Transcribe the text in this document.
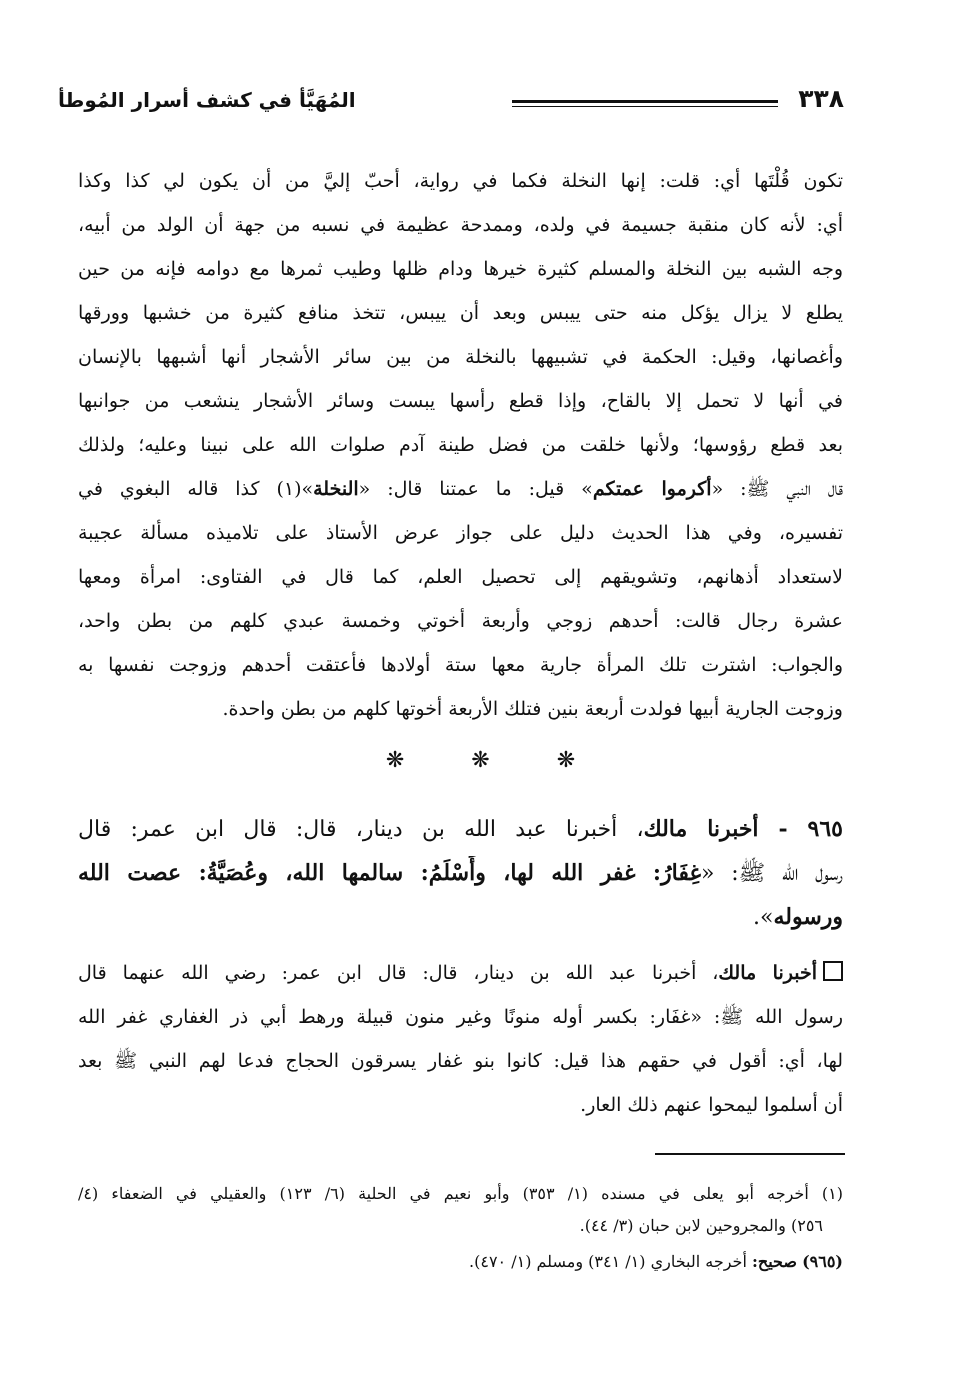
٣٣٨
المُهَيَّأ في كشف أسرار المُوطأ
تكون قُلْتَها أي: قلت: إنها النخلة فكما في رواية، أحبّ إليَّ من أن يكون لي كذا وكذا
أي: لأنه كان منقبة جسيمة في ولده، وممدحة عظيمة في نسبه من جهة أن الولد من أبيه،
وجه الشبه بين النخلة والمسلم كثيرة خيرها ودام ظلها وطيب ثمرها مع دوامه فإنه من حين
يطلع لا يزال يؤكل منه حتى ييبس وبعد أن ييبس، تتخذ منافع كثيرة من خشبها وورقها
وأغصانها، وقيل: الحكمة في تشبيهها بالنخلة من بين سائر الأشجار أنها أشبهها بالإنسان
في أنها لا تحمل إلا بالقاح، وإذا قطع رأسها يبست وسائر الأشجار ينشعب من جوانبها
بعد قطع رؤوسها؛ ولأنها خلقت من فضل طينة آدم صلوات الله على نبينا وعليه؛ ولذلك
قال النبي ﷺ: «أكرموا عمتكم» قيل: ما عمتنا قال: «النخلة»(١) كذا قاله البغوي في
تفسيره، وفي هذا الحديث دليل على جواز عرض الأستاذ على تلاميذه مسألة عجيبة
لاستعداد أذهانهم، وتشويقهم إلى تحصيل العلم، كما قال في الفتاوى: امرأة ومعها
عشرة رجال قالت: أحدهم زوجي وأربعة أخوتي وخمسة عبدي كلهم من بطن واحد،
والجواب: اشترت تلك المرأة جارية معها ستة أولادها فأعتقت أحدهم وزوجت نفسها به
وزوجت الجارية أبيها فولدت أربعة بنين فتلك الأربعة أخوتها كلهم من بطن واحدة.
❋	❋	❋
٩٦٥ - أخبرنا مالك، أخبرنا عبد الله بن دينار، قال: قال ابن عمر: قال
رسول الله ﷺ: «غِفَارُ: غفر الله لها، وأَسْلَمُ: سالمها الله، وعُصَيَّةُ: عصت الله
ورسوله».
أخبرنا مالك، أخبرنا عبد الله بن دينار، قال: قال ابن عمر: رضي الله عنهما قال
رسول الله ﷺ: «غفَار: بكسر أوله منونًا وغير منون قبيلة ورهط أبي ذر الغفاري غفر الله
لها، أي: أقول في حقهم هذا قيل: كانوا بنو غفار يسرقون الحجاج فدعا لهم النبي ﷺ بعد
أن أسلموا ليمحوا عنهم ذلك العار.
(١) أخرجه أبو يعلى في مسنده (١/ ٣٥٣) وأبو نعيم في الحلية (٦/ ١٢٣) والعقيلي في الضعفاء (٤/
٢٥٦) والمجروحين لابن حبان (٣/ ٤٤).
(٩٦٥) صحيح: أخرجه البخاري (١/ ٣٤١) ومسلم (١/ ٤٧٠).
